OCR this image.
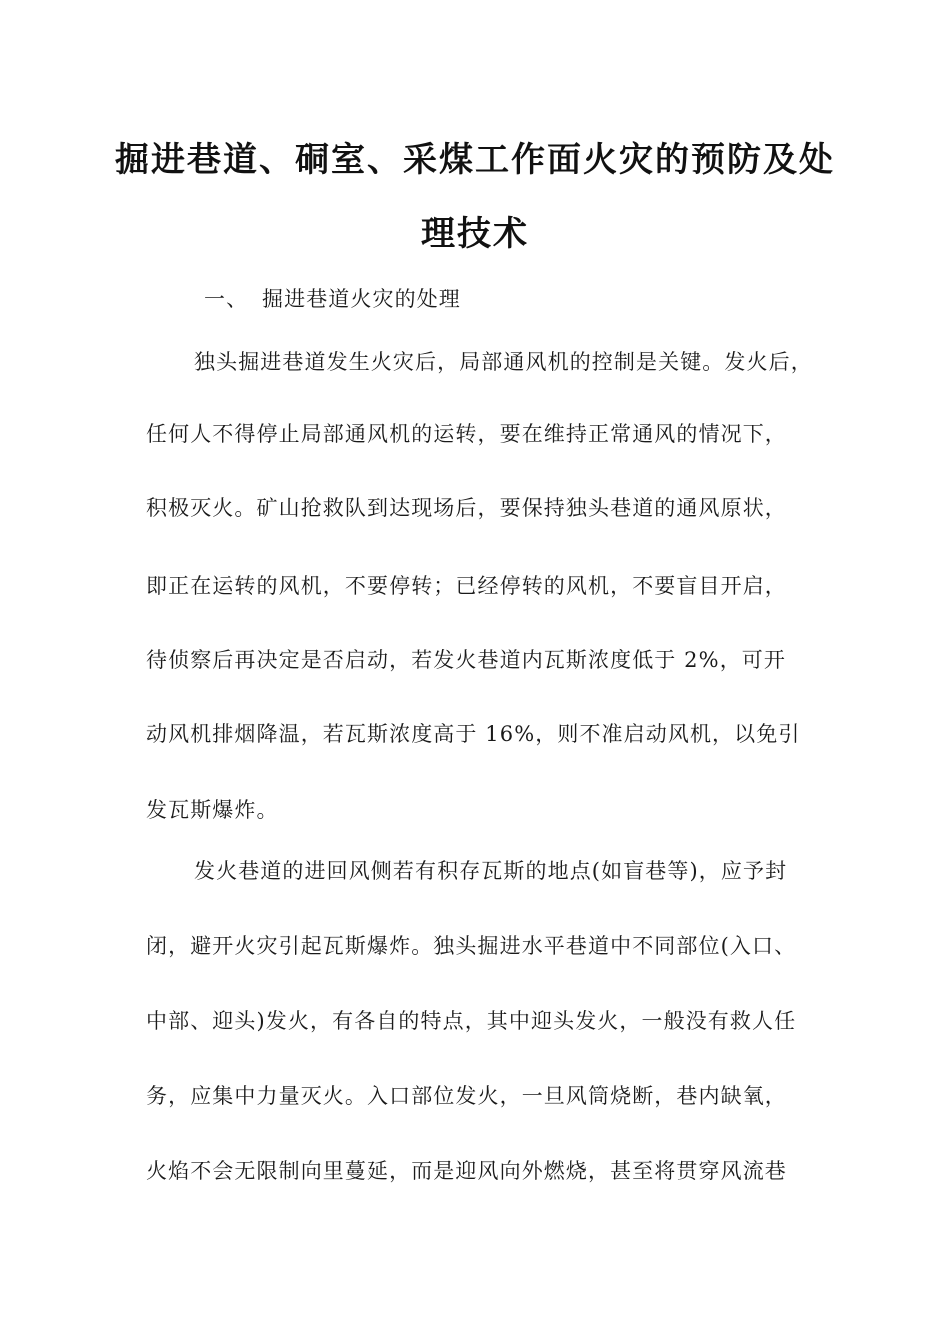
掘进巷道、硐室、采煤工作面火灾的预防及处
理技术
一、 掘进巷道火灾的处理
独头掘进巷道发生火灾后，局部通风机的控制是关键。发火后，
任何人不得停止局部通风机的运转，要在维持正常通风的情况下，
积极灭火。矿山抢救队到达现场后，要保持独头巷道的通风原状，
即正在运转的风机，不要停转；已经停转的风机，不要盲目开启，
待侦察后再决定是否启动，若发火巷道内瓦斯浓度低于 2%，可开
动风机排烟降温，若瓦斯浓度高于 16%，则不准启动风机，以免引
发瓦斯爆炸。
发火巷道的进回风侧若有积存瓦斯的地点(如盲巷等)，应予封
闭，避开火灾引起瓦斯爆炸。独头掘进水平巷道中不同部位(入口、
中部、迎头)发火，有各自的特点，其中迎头发火，一般没有救人任
务，应集中力量灭火。入口部位发火，一旦风筒烧断，巷内缺氧，
火焰不会无限制向里蔓延，而是迎风向外燃烧，甚至将贯穿风流巷
